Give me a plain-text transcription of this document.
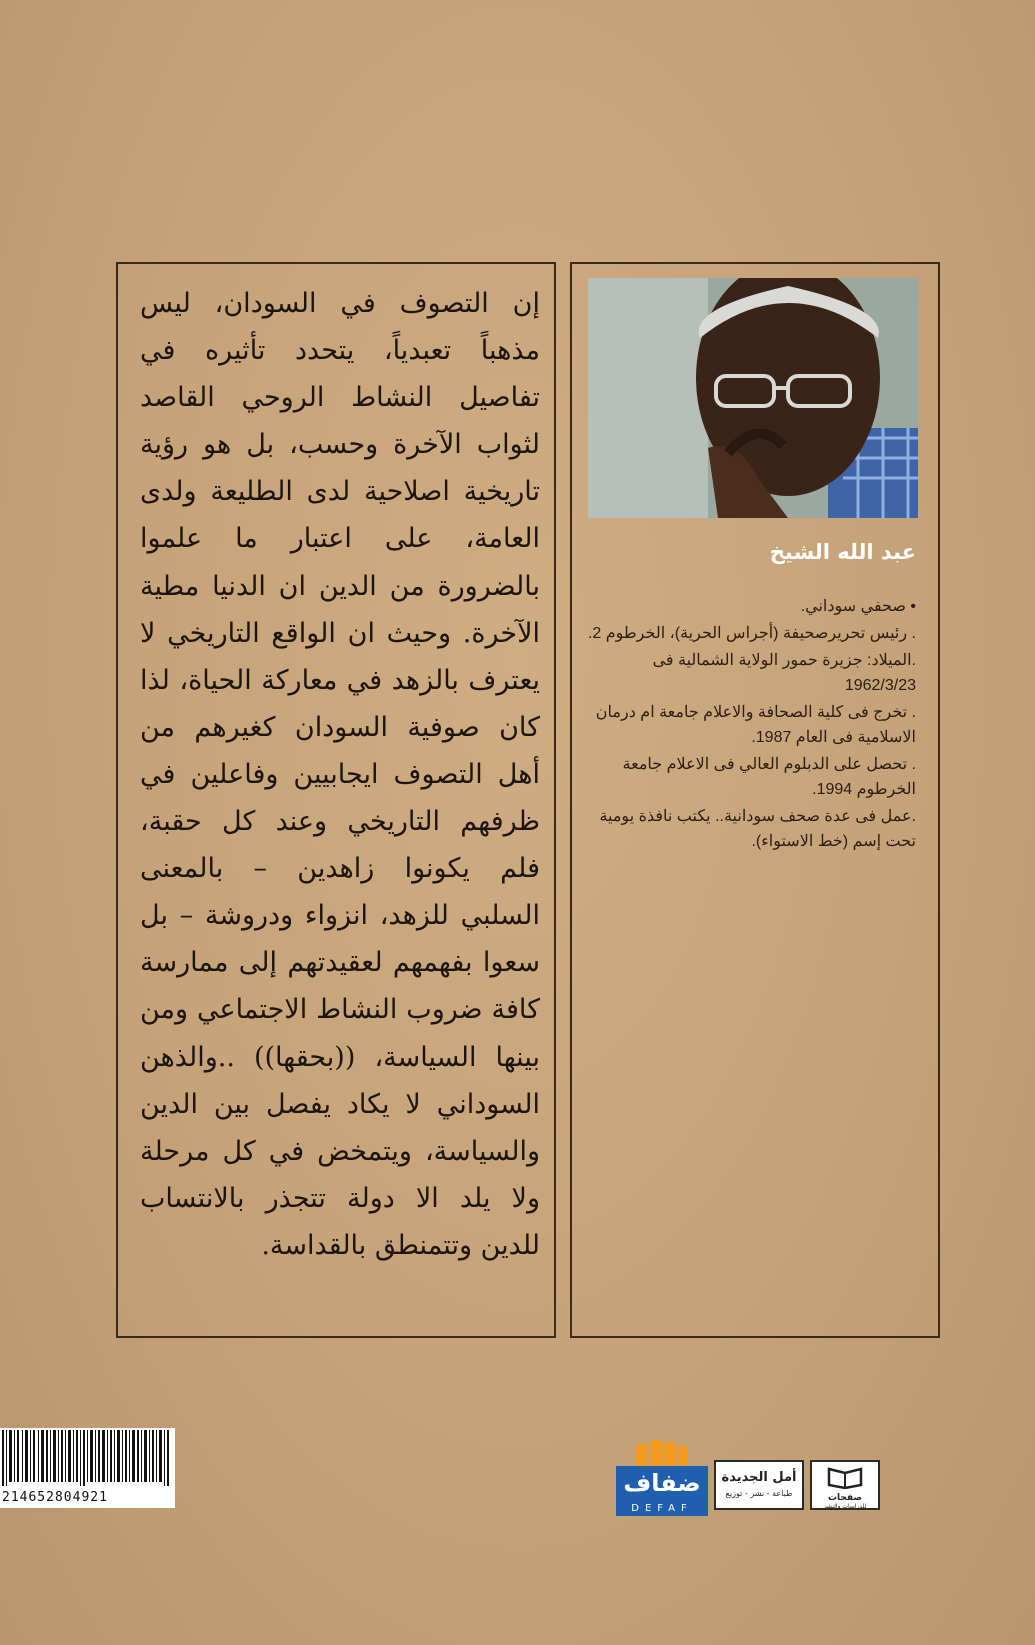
إن التصوف في السودان، ليس مذهباً تعبدياً، يتحدد تأثيره في تفاصيل النشاط الروحي القاصد لثواب الآخرة وحسب، بل هو رؤية تاريخية اصلاحية لدى الطليعة ولدى العامة، على اعتبار ما علموا بالضرورة من الدين ان الدنيا مطية الآخرة. وحيث ان الواقع التاريخي لا يعترف بالزهد في معاركة الحياة، لذا كان صوفية السودان كغيرهم من أهل التصوف ايجابيين وفاعلين في ظرفهم التاريخي وعند كل حقبة، فلم يكونوا زاهدين – بالمعنى السلبي للزهد، انزواء ودروشة – بل سعوا بفهمهم لعقيدتهم إلى ممارسة كافة ضروب النشاط الاجتماعي ومن بينها السياسة، ((بحقها)) ..والذهن السوداني لا يكاد يفصل بين الدين والسياسة، ويتمخض في كل مرحلة ولا يلد الا دولة تتجذر بالانتساب للدين وتتمنطق بالقداسة.
عبد الله الشيخ
• صحفي سوداني.
. رئيس تحريرصحيفة (أجراس الحرية)، الخرطوم 2.
.الميلاد: جزيرة حمور الولاية الشمالية فى 1962/3/23
. تخرج فى كلية الصحافة والاعلام جامعة ام درمان الاسلامية فى العام 1987.
. تحصل على الدبلوم العالي فى الاعلام جامعة الخرطوم 1994.
.عمل فى عدة صحف سودانية.. يكتب نافذة يومية تحت إسم (خط الاستواء).
214652804921
ضفاف
DEFAF
أمل الجديدة
طباعة - نشر - توزيع	صفحات
للدراسات والنشر
